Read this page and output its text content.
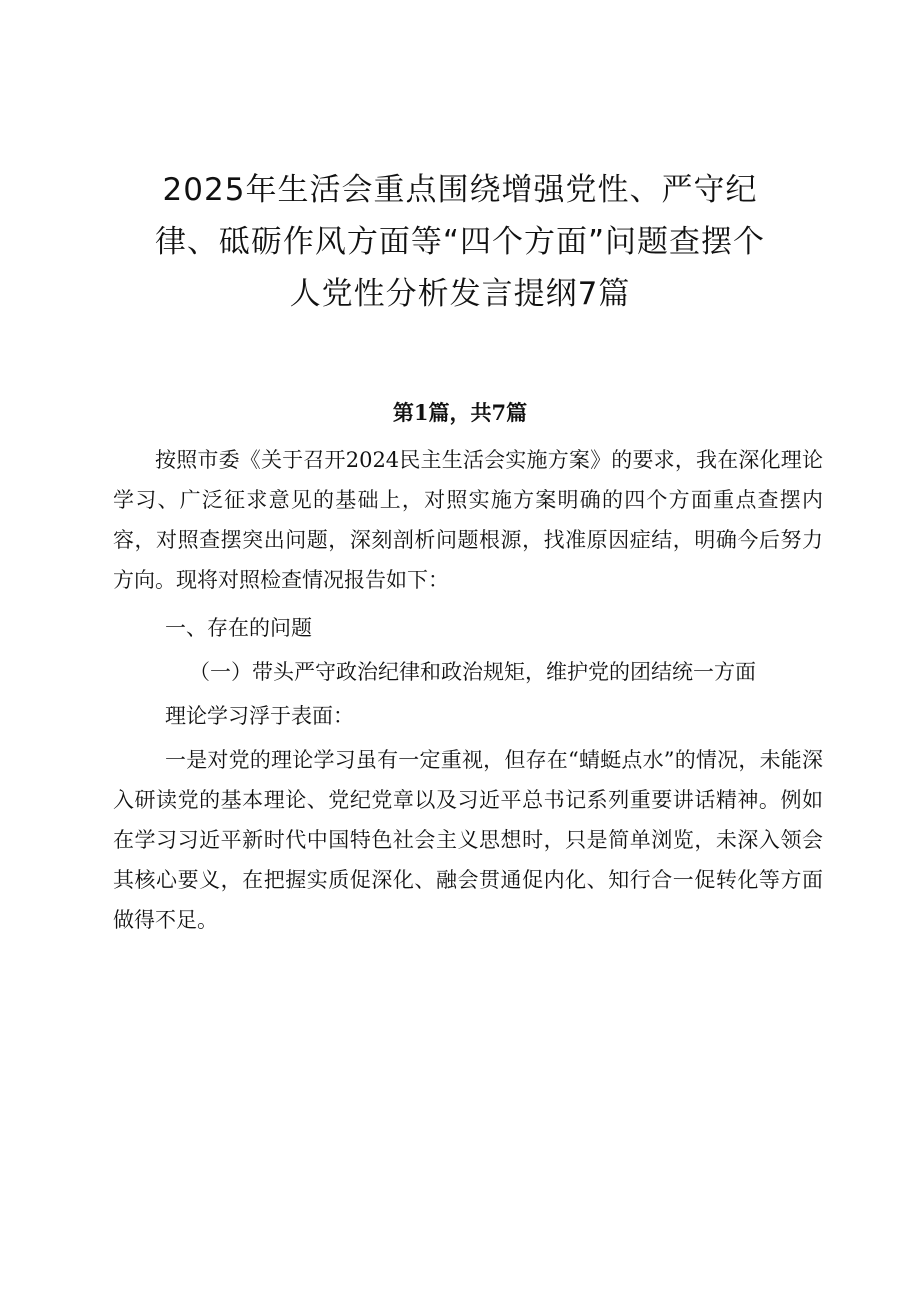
2025年生活会重点围绕增强党性、严守纪
律、砥砺作风方面等“四个方面”问题查摆个
人党性分析发言提纲7篇
第1篇，共7篇

按照市委《关于召开2024民主生活会实施方案》的要求，我在深化理论学习、广泛征求意见的基础上，对照实施方案明确的四个方面重点查摆内容，对照查摆突出问题，深刻剖析问题根源，找准原因症结，明确今后努力方向。现将对照检查情况报告如下：

一、存在的问题

（一）带头严守政治纪律和政治规矩，维护党的团结统一方面

理论学习浮于表面：

一是对党的理论学习虽有一定重视，但存在“蜻蜓点水”的情况，未能深入研读党的基本理论、党纪党章以及习近平总书记系列重要讲话精神。例如在学习习近平新时代中国特色社会主义思想时，只是简单浏览，未深入领会其核心要义，在把握实质促深化、融会贯通促内化、知行合一促转化等方面做得不足。
